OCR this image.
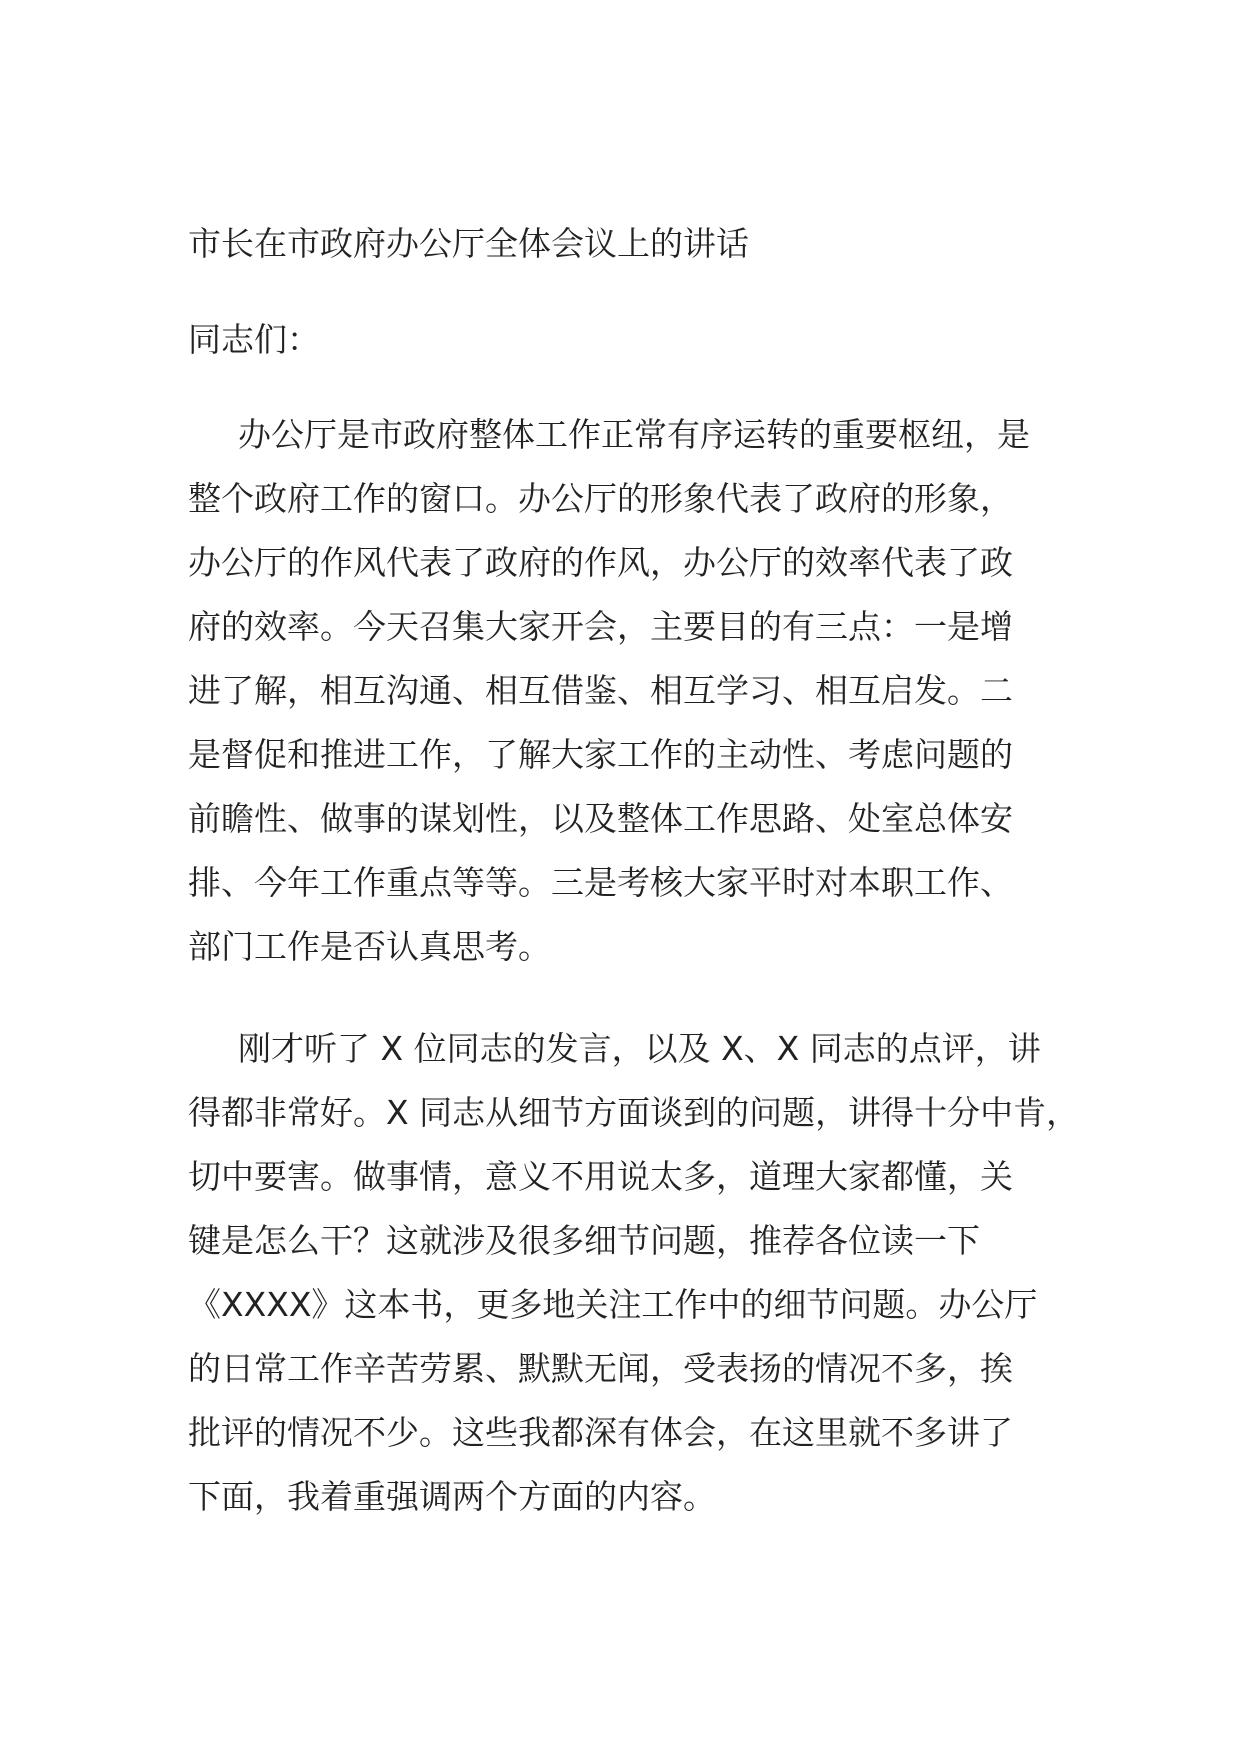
市长在市政府办公厅全体会议上的讲话
同志们：
办公厅是市政府整体工作正常有序运转的重要枢纽，是
整个政府工作的窗口。办公厅的形象代表了政府的形象，
办公厅的作风代表了政府的作风，办公厅的效率代表了政
府的效率。今天召集大家开会，主要目的有三点：一是增
进了解，相互沟通、相互借鉴、相互学习、相互启发。二
是督促和推进工作，了解大家工作的主动性、考虑问题的
前瞻性、做事的谋划性，以及整体工作思路、处室总体安
排、今年工作重点等等。三是考核大家平时对本职工作、
部门工作是否认真思考。
刚才听了 X 位同志的发言，以及 X、X 同志的点评，讲
得都非常好。X 同志从细节方面谈到的问题，讲得十分中肯，
切中要害。做事情，意义不用说太多，道理大家都懂，关
键是怎么干？这就涉及很多细节问题，推荐各位读一下
《XXXX》这本书，更多地关注工作中的细节问题。办公厅
的日常工作辛苦劳累、默默无闻，受表扬的情况不多，挨
批评的情况不少。这些我都深有体会，在这里就不多讲了
下面，我着重强调两个方面的内容。
